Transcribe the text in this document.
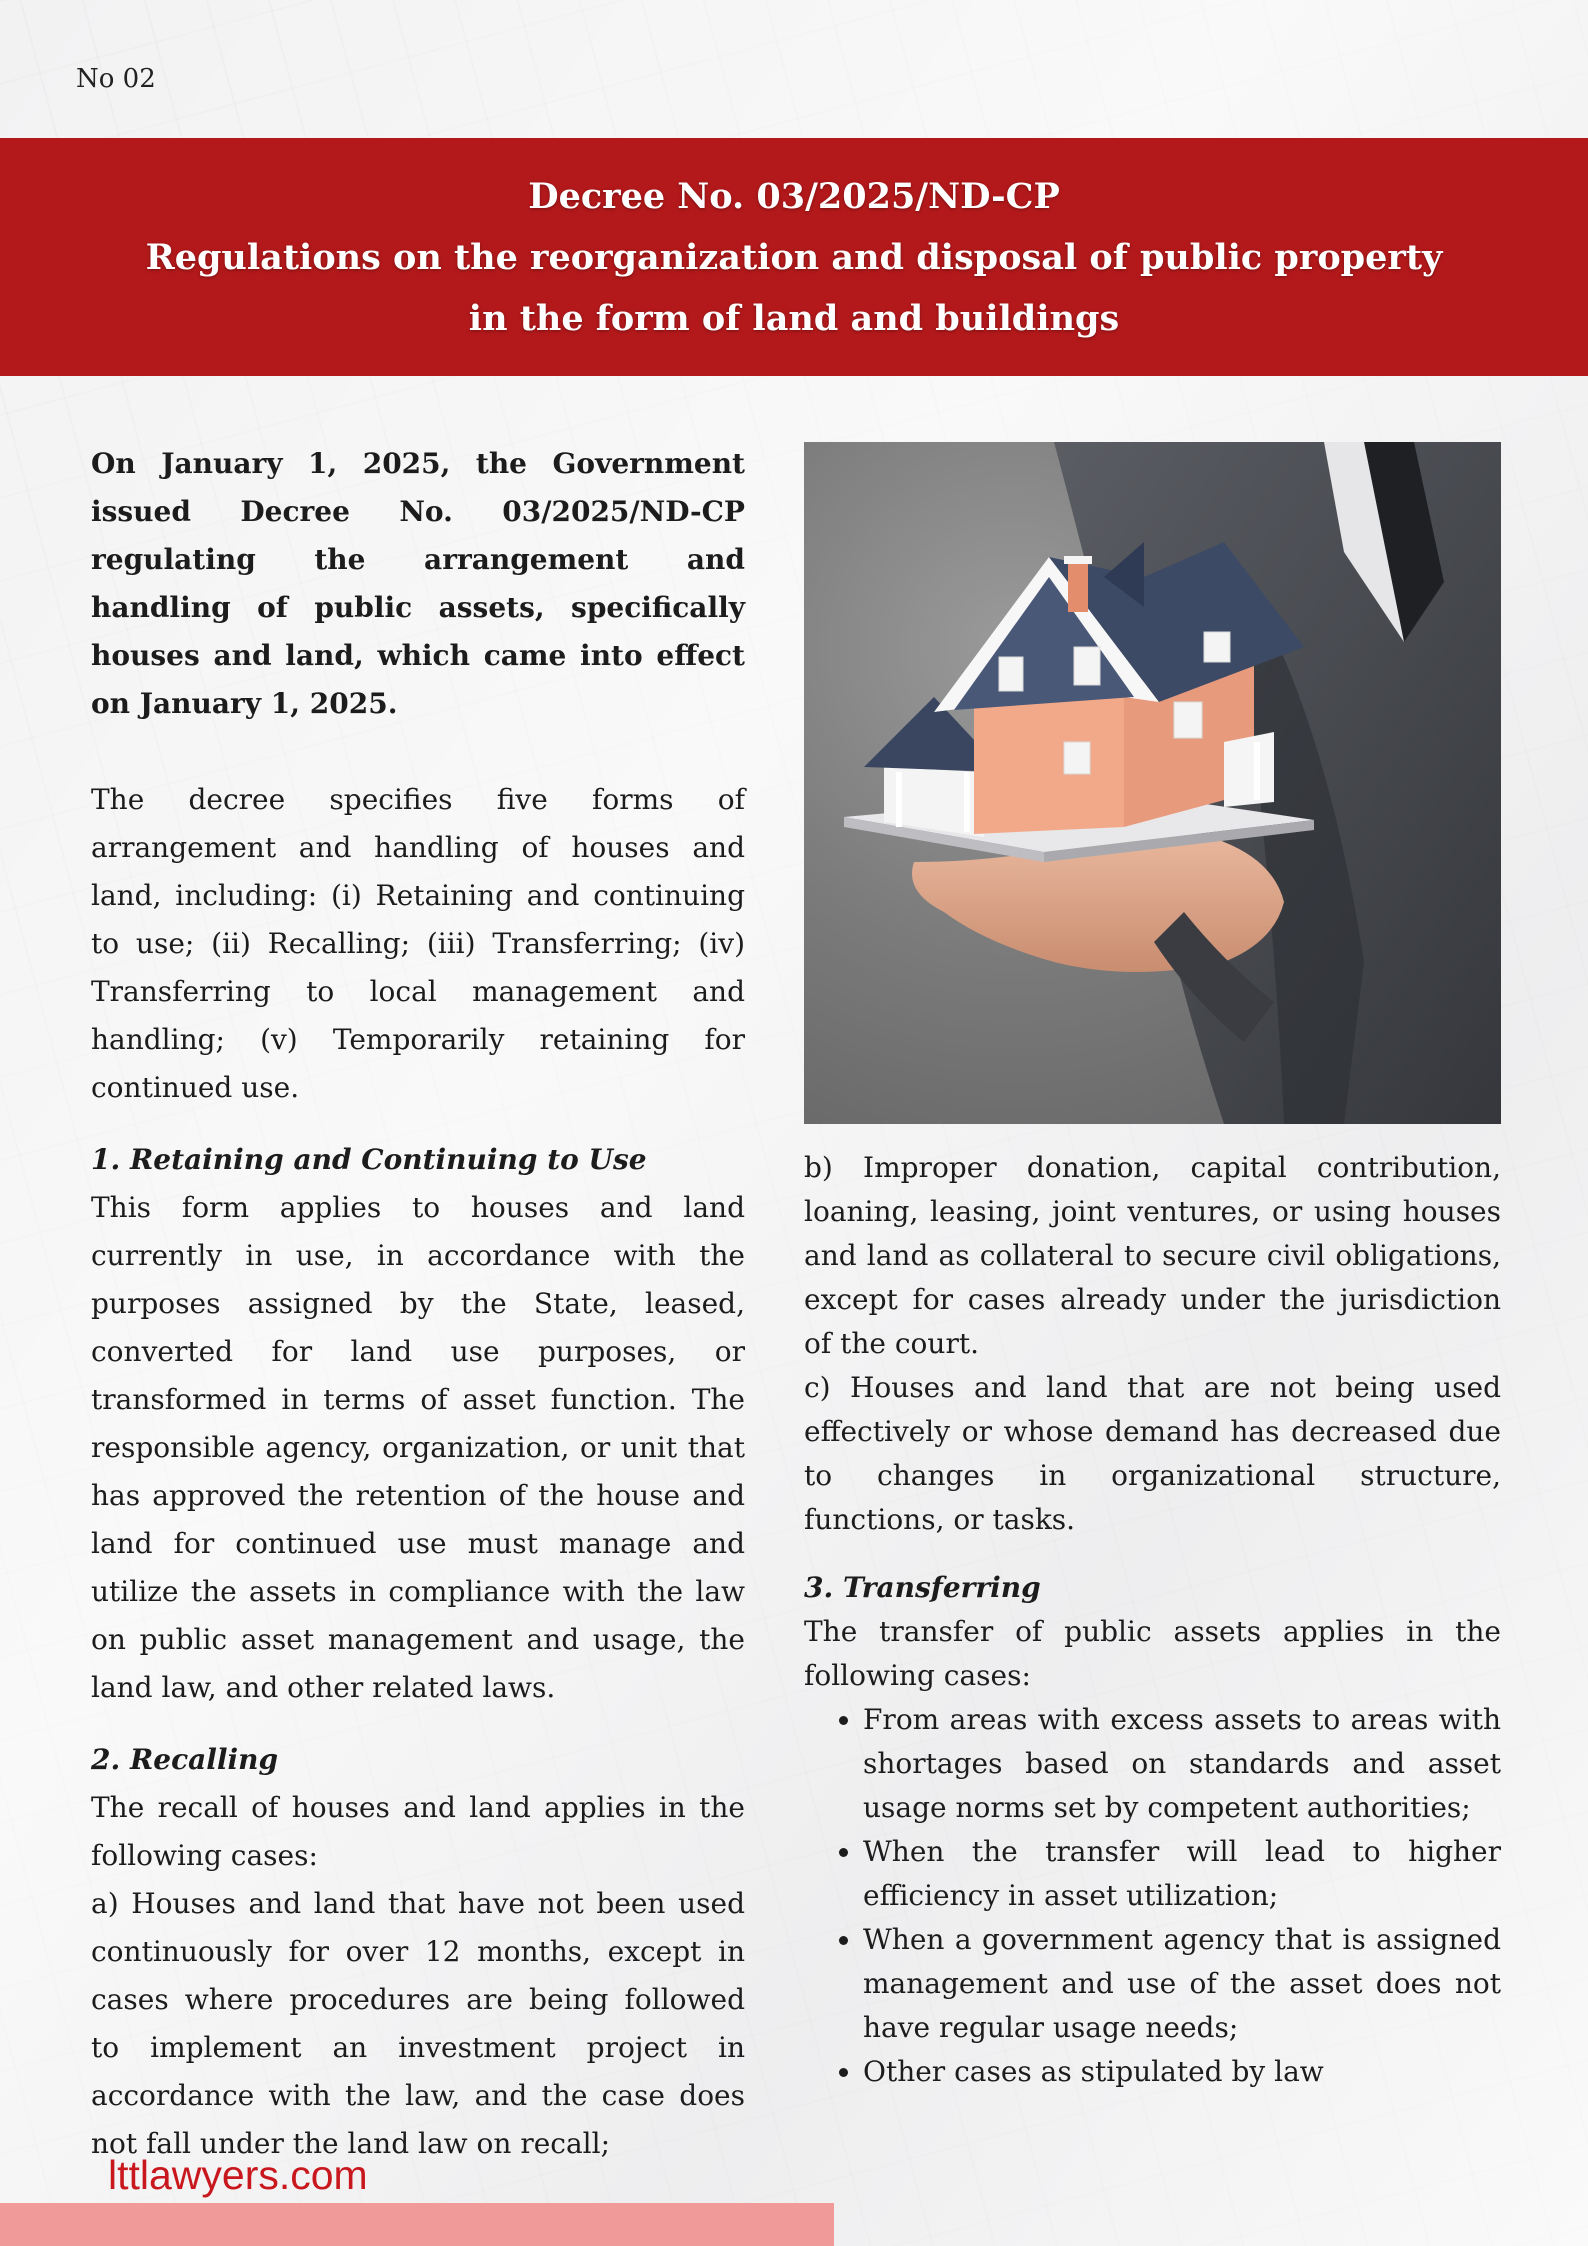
No 02
Decree No. 03/2025/ND-CP
Regulations on the reorganization and disposal of public property
in the form of land and buildings

On January 1, 2025, the Government issued Decree No. 03/2025/ND-CP regulating the arrangement and handling of public assets, specifically houses and land, which came into effect on January 1, 2025.

The decree specifies five forms of arrangement and handling of houses and land, including: (i) Retaining and continuing to use; (ii) Recalling; (iii) Transferring; (iv) Transferring to local management and handling; (v) Temporarily retaining for continued use.

1. Retaining and Continuing to Use

This form applies to houses and land currently in use, in accordance with the purposes assigned by the State, leased, converted for land use purposes, or transformed in terms of asset function. The responsible agency, organization, or unit that has approved the retention of the house and land for continued use must manage and utilize the assets in compliance with the law on public asset management and usage, the land law, and other related laws.

2. Recalling

The recall of houses and land applies in the following cases:

a) Houses and land that have not been used continuously for over 12 months, except in cases where procedures are being followed to implement an investment project in accordance with the law, and the case does not fall under the land law on recall;

b) Improper donation, capital contribution, loaning, leasing, joint ventures, or using houses and land as collateral to secure civil obligations, except for cases already under the jurisdiction of the court.

c) Houses and land that are not being used effectively or whose demand has decreased due to changes in organizational structure, functions, or tasks.

3. Transferring

The transfer of public assets applies in the following cases:

• From areas with excess assets to areas with shortages based on standards and asset usage norms set by competent authorities;
• When the transfer will lead to higher efficiency in asset utilization;
• When a government agency that is assigned management and use of the asset does not have regular usage needs;
• Other cases as stipulated by law
lttlawyers.com
